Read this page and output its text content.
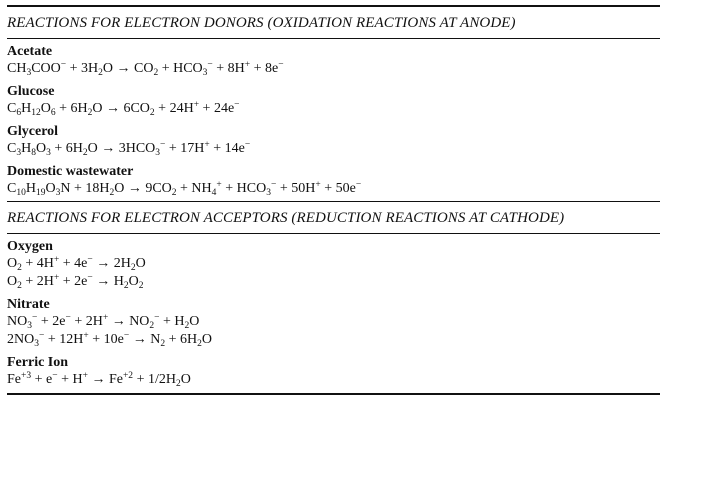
REACTIONS FOR ELECTRON DONORS (OXIDATION REACTIONS AT ANODE)
Acetate
$CH_3COO^- + 3H_2O \to CO_2 + HCO_3^- + 8H^+ + 8e^-$
Glucose
$C_6H_{12}O_6 + 6H_2O \to 6CO_2 + 24H^+ + 24e^-$
Glycerol
$C_3H_8O_3 + 6H_2O \to 3HCO_3^- + 17H^+ + 14e^-$
Domestic wastewater
$C_{10}H_{19}O_3N + 18H_2O \to 9CO_2 + NH_4^+ + HCO_3^- + 50H^+ + 50e^-$
REACTIONS FOR ELECTRON ACCEPTORS (REDUCTION REACTIONS AT CATHODE)
Oxygen
$O_2 + 4H^+ + 4e^- \to 2H_2O$
$O_2 + 2H^+ + 2e^- \to H_2O_2$
Nitrate
$NO_3^- + 2e^- + 2H^+ \to NO_2^- + H_2O$
$2NO_3^- + 12H^+ + 10e^- \to N_2 + 6H_2O$
Ferric Ion
$Fe^{+3} + e^- + H^+ \to Fe^{+2} + 1/2H_2O$
